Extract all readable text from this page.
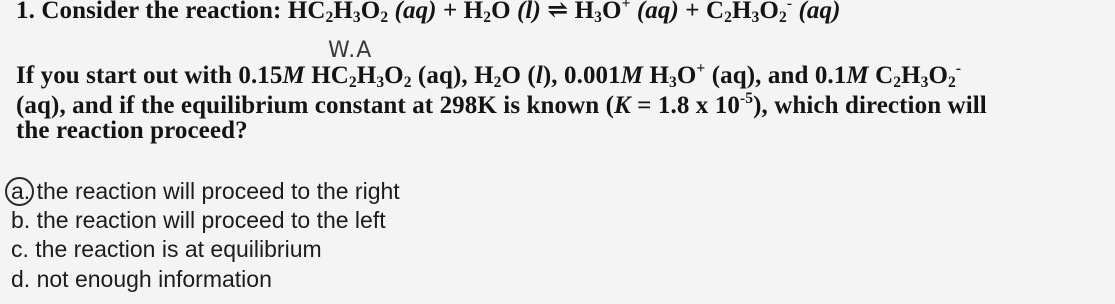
1. Consider the reaction: $HC_2H_3O_2$ $(aq) + H_2O$ (l) ⇌ $H_3O^+$ $(aq) + C_2H_3O_2^-$ (aq)
W.A
If you start out with 0.15M $HC_2H_3O_2$ (aq), $H_2O$ (l), 0.001M $H_3O^+$ (aq), and 0.1M $C_2H_3O_2^-$
(aq), and if the equilibrium constant at 298K is known (K = 1.8 x $10^{-5}$), which direction will
the reaction proceed?
a. the reaction will proceed to the right
b. the reaction will proceed to the left
c. the reaction is at equilibrium
d. not enough information
